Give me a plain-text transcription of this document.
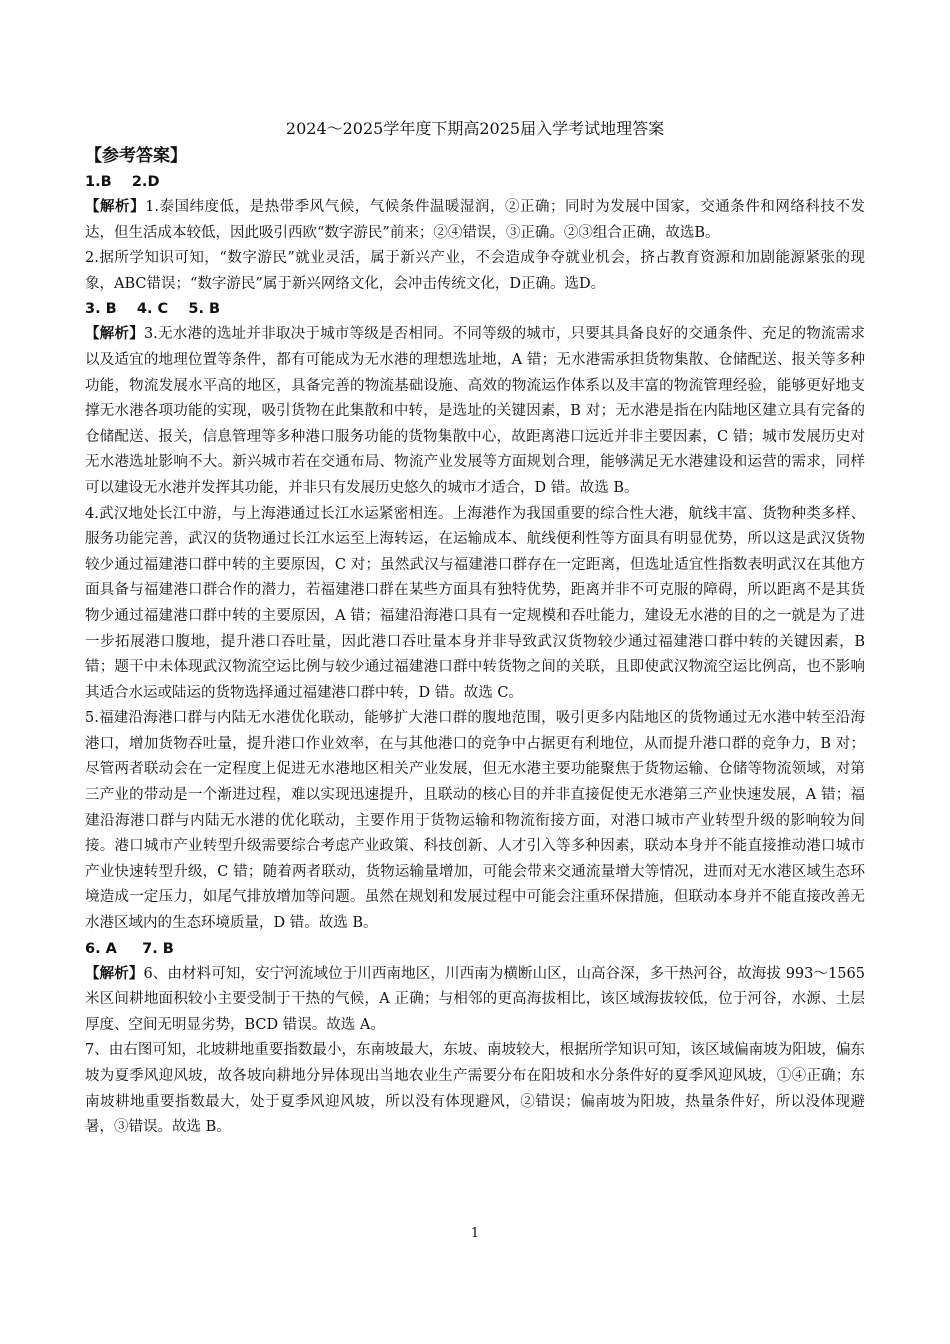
2024～2025学年度下期高2025届入学考试地理答案
【参考答案】
1.B    2.D

【解析】1.泰国纬度低，是热带季风气候，气候条件温暖湿润，②正确；同时为发展中国家，交通条件和网络科技不发达，但生活成本较低，因此吸引西欧“数字游民”前来；②④错误，③正确。②③组合正确，故选B。

2.据所学知识可知，“数字游民”就业灵活，属于新兴产业，不会造成争夺就业机会，挤占教育资源和加剧能源紧张的现象，ABC错误；“数字游民”属于新兴网络文化，会冲击传统文化，D正确。选D。

3. B    4. C    5. B

【解析】3.无水港的选址并非取决于城市等级是否相同。不同等级的城市，只要其具备良好的交通条件、充足的物流需求以及适宜的地理位置等条件，都有可能成为无水港的理想选址地，A 错；无水港需承担货物集散、仓储配送、报关等多种功能，物流发展水平高的地区，具备完善的物流基础设施、高效的物流运作体系以及丰富的物流管理经验，能够更好地支撑无水港各项功能的实现，吸引货物在此集散和中转，是选址的关键因素，B 对；无水港是指在内陆地区建立具有完备的仓储配送、报关，信息管理等多种港口服务功能的货物集散中心，故距离港口远近并非主要因素，C 错；城市发展历史对无水港选址影响不大。新兴城市若在交通布局、物流产业发展等方面规划合理，能够满足无水港建设和运营的需求，同样可以建设无水港并发挥其功能，并非只有发展历史悠久的城市才适合，D 错。故选 B。

4.武汉地处长江中游，与上海港通过长江水运紧密相连。上海港作为我国重要的综合性大港，航线丰富、货物种类多样、服务功能完善，武汉的货物通过长江水运至上海转运，在运输成本、航线便利性等方面具有明显优势，所以这是武汉货物较少通过福建港口群中转的主要原因，C 对；虽然武汉与福建港口群存在一定距离，但选址适宜性指数表明武汉在其他方面具备与福建港口群合作的潜力，若福建港口群在某些方面具有独特优势，距离并非不可克服的障碍，所以距离不是其货物少通过福建港口群中转的主要原因，A 错；福建沿海港口具有一定规模和吞吐能力，建设无水港的目的之一就是为了进一步拓展港口腹地，提升港口吞吐量，因此港口吞吐量本身并非导致武汉货物较少通过福建港口群中转的关键因素，B 错；题干中未体现武汉物流空运比例与较少通过福建港口群中转货物之间的关联，且即使武汉物流空运比例高，也不影响其适合水运或陆运的货物选择通过福建港口群中转，D 错。故选 C。

5.福建沿海港口群与内陆无水港优化联动，能够扩大港口群的腹地范围，吸引更多内陆地区的货物通过无水港中转至沿海港口，增加货物吞吐量，提升港口作业效率，在与其他港口的竞争中占据更有利地位，从而提升港口群的竞争力，B 对；尽管两者联动会在一定程度上促进无水港地区相关产业发展，但无水港主要功能聚焦于货物运输、仓储等物流领域，对第三产业的带动是一个渐进过程，难以实现迅速提升，且联动的核心目的并非直接促使无水港第三产业快速发展，A 错；福建沿海港口群与内陆无水港的优化联动，主要作用于货物运输和物流衔接方面，对港口城市产业转型升级的影响较为间接。港口城市产业转型升级需要综合考虑产业政策、科技创新、人才引入等多种因素，联动本身并不能直接推动港口城市产业快速转型升级，C 错；随着两者联动，货物运输量增加，可能会带来交通流量增大等情况，进而对无水港区域生态环境造成一定压力，如尾气排放增加等问题。虽然在规划和发展过程中可能会注重环保措施，但联动本身并不能直接改善无水港区域内的生态环境质量，D 错。故选 B。

6. A     7. B

【解析】6、由材料可知，安宁河流域位于川西南地区，川西南为横断山区，山高谷深，多干热河谷，故海拔 993～1565 米区间耕地面积较小主要受制于干热的气候，A 正确；与相邻的更高海拔相比，该区域海拔较低，位于河谷，水源、土层厚度、空间无明显劣势，BCD 错误。故选 A。

7、由右图可知，北坡耕地重要指数最小，东南坡最大，东坡、南坡较大，根据所学知识可知，该区域偏南坡为阳坡，偏东坡为夏季风迎风坡，故各坡向耕地分异体现出当地农业生产需要分布在阳坡和水分条件好的夏季风迎风坡，①④正确；东南坡耕地重要指数最大，处于夏季风迎风坡，所以没有体现避风，②错误；偏南坡为阳坡，热量条件好，所以没体现避暑，③错误。故选 B。

1
